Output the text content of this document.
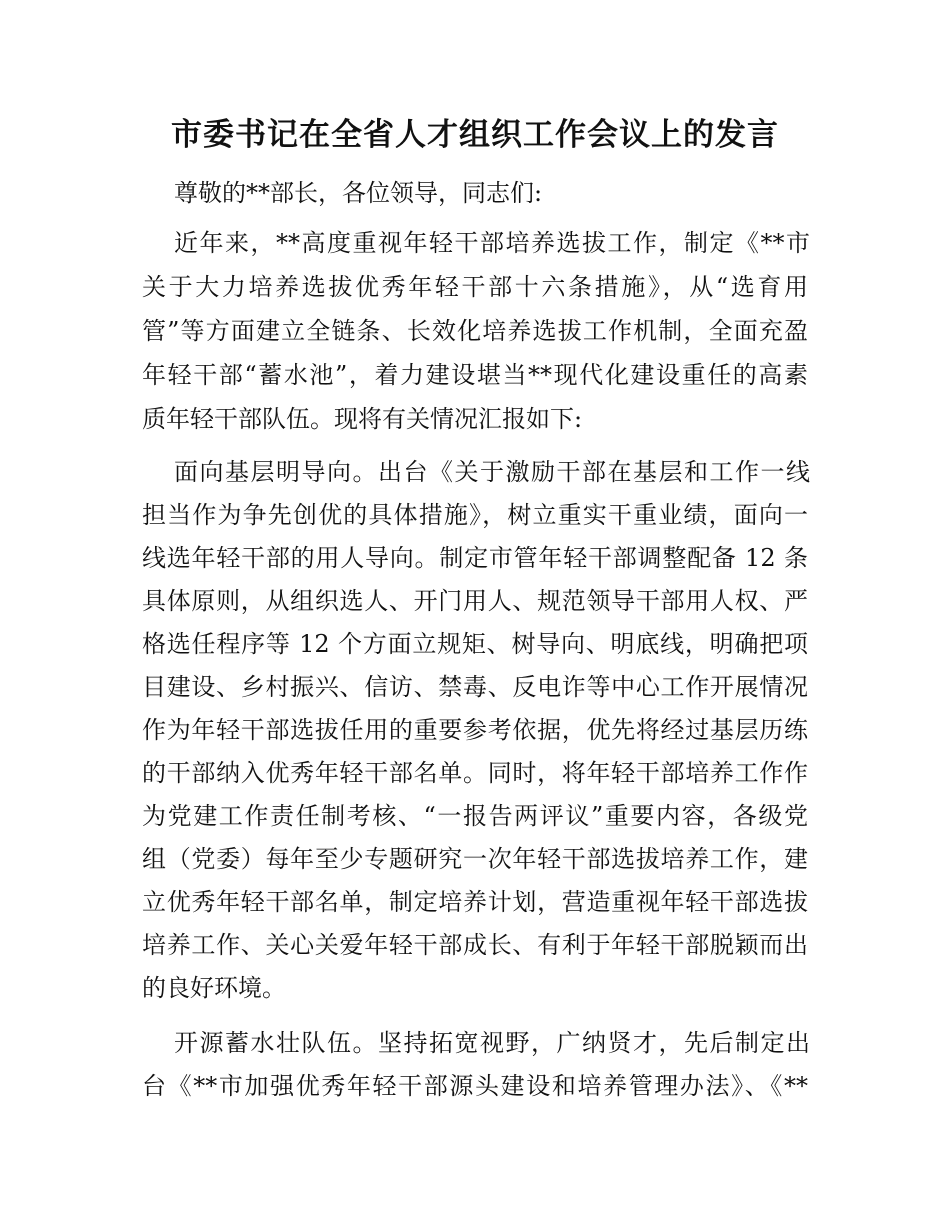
市委书记在全省人才组织工作会议上的发言
尊敬的**部长，各位领导，同志们:
近年来，**高度重视年轻干部培养选拔工作，制定《**市
关于大力培养选拔优秀年轻干部十六条措施》，从“选育用
管”等方面建立全链条、长效化培养选拔工作机制，全面充盈
年轻干部“蓄水池”，着力建设堪当**现代化建设重任的高素
质年轻干部队伍。现将有关情况汇报如下:
面向基层明导向。出台《关于激励干部在基层和工作一线
担当作为争先创优的具体措施》，树立重实干重业绩，面向一
线选年轻干部的用人导向。制定市管年轻干部调整配备 12 条
具体原则，从组织选人、开门用人、规范领导干部用人权、严
格选任程序等 12 个方面立规矩、树导向、明底线，明确把项
目建设、乡村振兴、信访、禁毒、反电诈等中心工作开展情况
作为年轻干部选拔任用的重要参考依据，优先将经过基层历练
的干部纳入优秀年轻干部名单。同时，将年轻干部培养工作作
为党建工作责任制考核、“一报告两评议”重要内容，各级党
组（党委）每年至少专题研究一次年轻干部选拔培养工作，建
立优秀年轻干部名单，制定培养计划，营造重视年轻干部选拔
培养工作、关心关爱年轻干部成长、有利于年轻干部脱颖而出
的良好环境。
开源蓄水壮队伍。坚持拓宽视野，广纳贤才，先后制定出
台《**市加强优秀年轻干部源头建设和培养管理办法》、《**
